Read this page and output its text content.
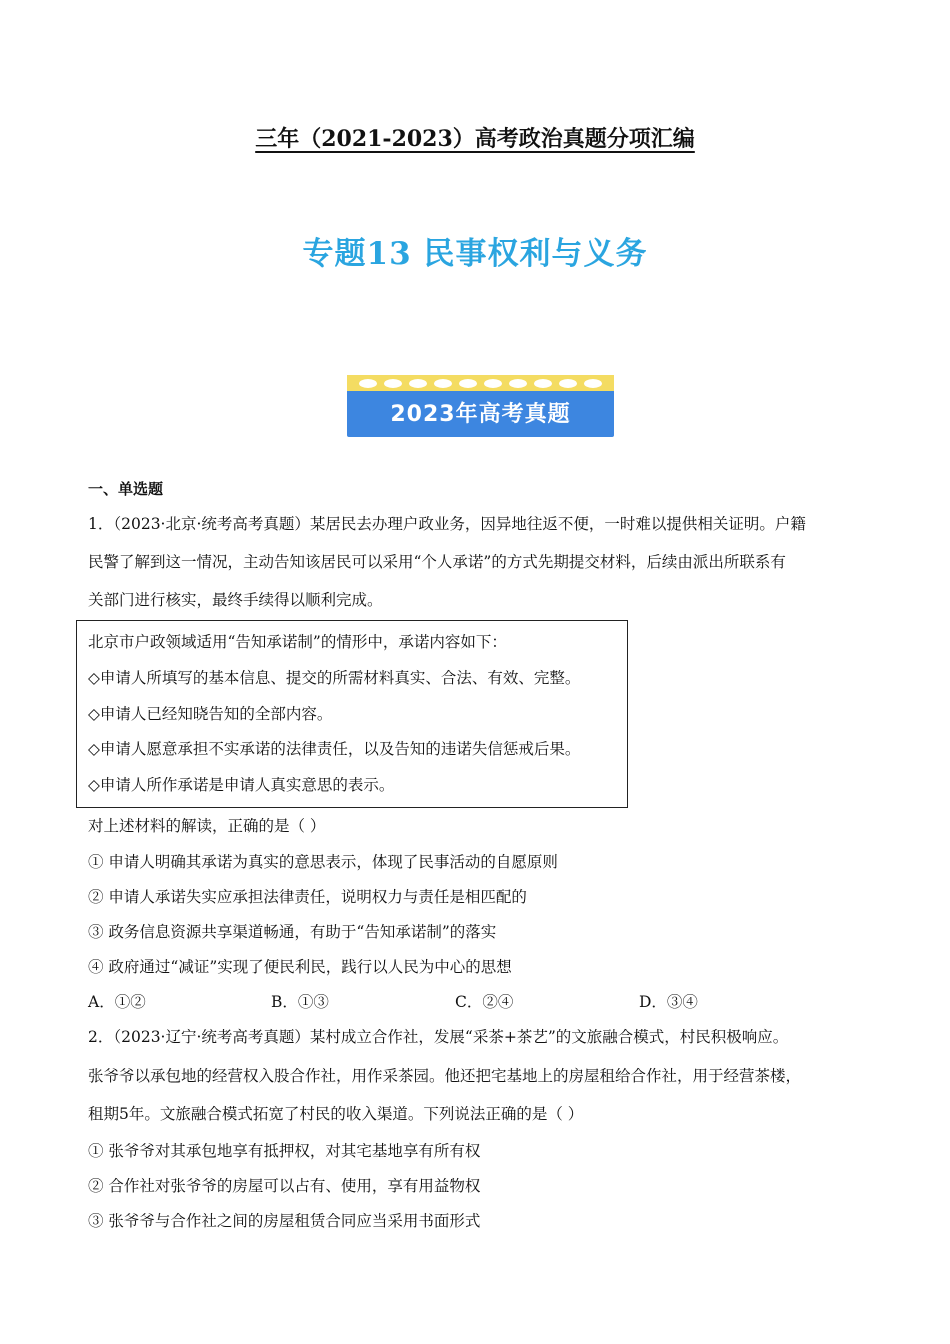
三年（2021-2023）高考政治真题分项汇编
专题13 民事权利与义务
2023年高考真题
一、单选题
1．（2023·北京·统考高考真题）某居民去办理户政业务，因异地往返不便，一时难以提供相关证明。户籍
民警了解到这一情况，主动告知该居民可以采用“个人承诺”的方式先期提交材料，后续由派出所联系有
关部门进行核实，最终手续得以顺利完成。
北京市户政领域适用“告知承诺制”的情形中，承诺内容如下：
◇申请人所填写的基本信息、提交的所需材料真实、合法、有效、完整。
◇申请人已经知晓告知的全部内容。
◇申请人愿意承担不实承诺的法律责任，以及告知的违诺失信惩戒后果。
◇申请人所作承诺是申请人真实意思的表示。
对上述材料的解读，正确的是（ ）
① 申请人明确其承诺为真实的意思表示，体现了民事活动的自愿原则
② 申请人承诺失实应承担法律责任，说明权力与责任是相匹配的
③ 政务信息资源共享渠道畅通，有助于“告知承诺制”的落实
④ 政府通过“减证”实现了便民利民，践行以人民为中心的思想
A．①②	B．①③	C．②④	D．③④
2．（2023·辽宁·统考高考真题）某村成立合作社，发展“采茶+茶艺”的文旅融合模式，村民积极响应。
张爷爷以承包地的经营权入股合作社，用作采茶园。他还把宅基地上的房屋租给合作社，用于经营茶楼，
租期5年。文旅融合模式拓宽了村民的收入渠道。下列说法正确的是（ ）
① 张爷爷对其承包地享有抵押权，对其宅基地享有所有权
② 合作社对张爷爷的房屋可以占有、使用，享有用益物权
③ 张爷爷与合作社之间的房屋租赁合同应当采用书面形式
